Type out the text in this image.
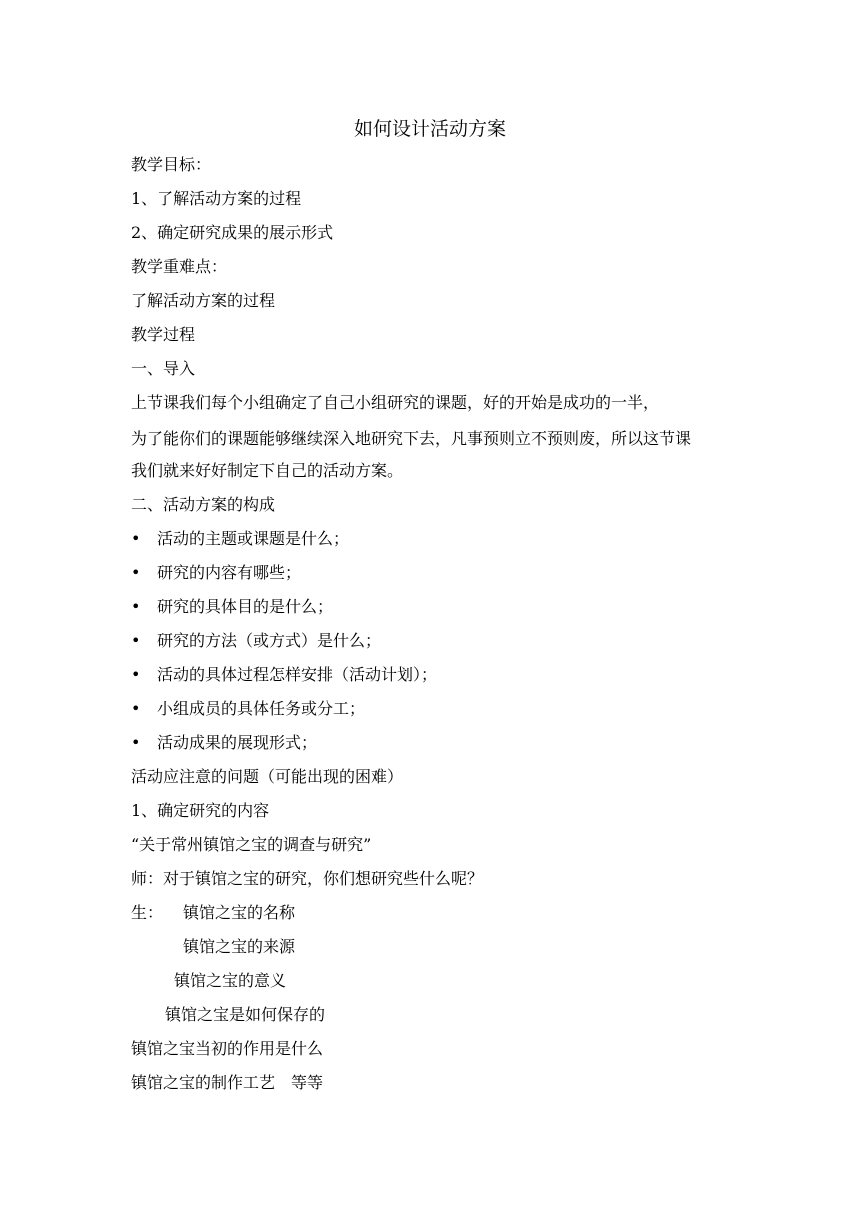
如何设计活动方案
教学目标：
1、了解活动方案的过程
2、确定研究成果的展示形式
教学重难点：
了解活动方案的过程
教学过程
一、导入
上节课我们每个小组确定了自己小组研究的课题，好的开始是成功的一半，
为了能你们的课题能够继续深入地研究下去，凡事预则立不预则废，所以这节课
我们就来好好制定下自己的活动方案。
二、活动方案的构成
• 活动的主题或课题是什么；
• 研究的内容有哪些；
• 研究的具体目的是什么；
• 研究的方法（或方式）是什么；
• 活动的具体过程怎样安排（活动计划）；
• 小组成员的具体任务或分工；
• 活动成果的展现形式；
活动应注意的问题（可能出现的困难）
1、确定研究的内容
“关于常州镇馆之宝的调查与研究”
师：对于镇馆之宝的研究，你们想研究些什么呢？
生： 镇馆之宝的名称
镇馆之宝的来源
镇馆之宝的意义
镇馆之宝是如何保存的
镇馆之宝当初的作用是什么
镇馆之宝的制作工艺　等等
